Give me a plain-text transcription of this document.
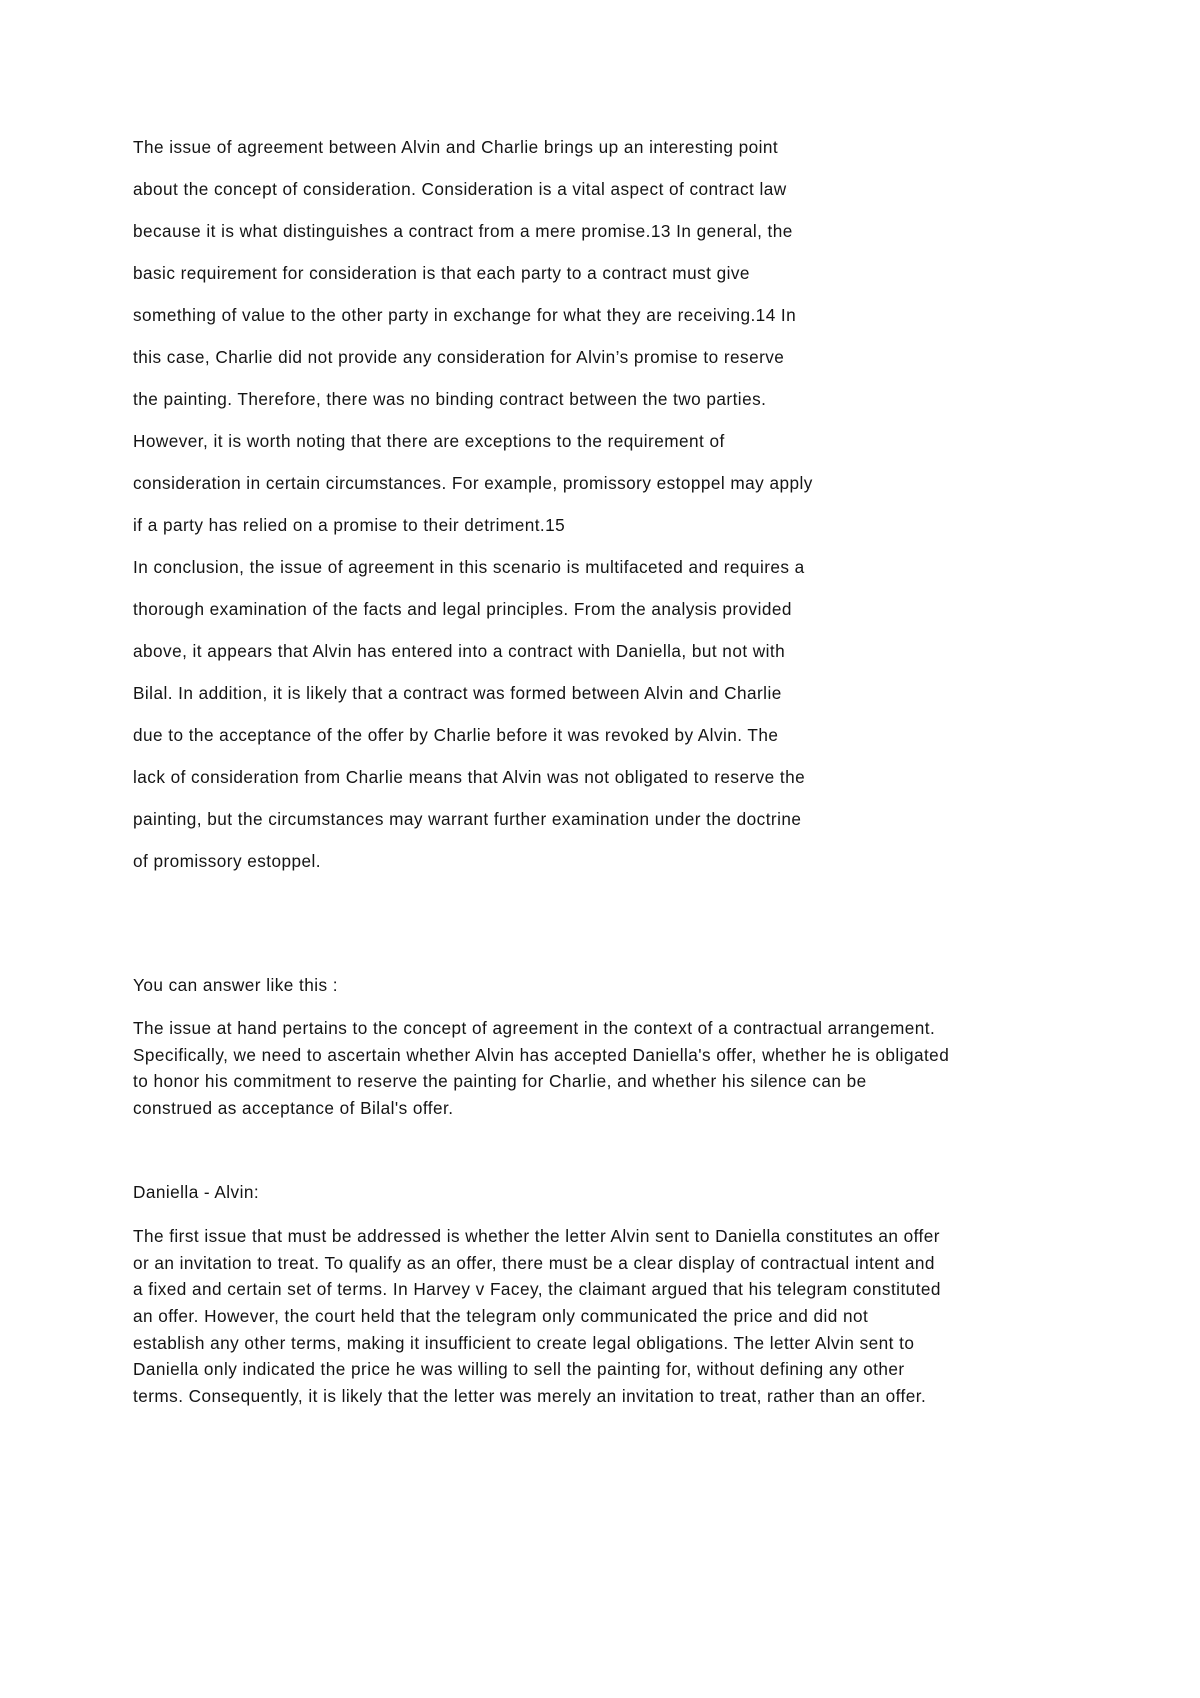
The issue of agreement between Alvin and Charlie brings up an interesting point
about the concept of consideration. Consideration is a vital aspect of contract law
because it is what distinguishes a contract from a mere promise.13 In general, the
basic requirement for consideration is that each party to a contract must give
something of value to the other party in exchange for what they are receiving.14 In
this case, Charlie did not provide any consideration for Alvin’s promise to reserve
the painting. Therefore, there was no binding contract between the two parties.
However, it is worth noting that there are exceptions to the requirement of
consideration in certain circumstances. For example, promissory estoppel may apply
if a party has relied on a promise to their detriment.15
In conclusion, the issue of agreement in this scenario is multifaceted and requires a
thorough examination of the facts and legal principles. From the analysis provided
above, it appears that Alvin has entered into a contract with Daniella, but not with
Bilal. In addition, it is likely that a contract was formed between Alvin and Charlie
due to the acceptance of the offer by Charlie before it was revoked by Alvin. The
lack of consideration from Charlie means that Alvin was not obligated to reserve the
painting, but the circumstances may warrant further examination under the doctrine
of promissory estoppel.
You can answer like this :
The issue at hand pertains to the concept of agreement in the context of a contractual arrangement.
Specifically, we need to ascertain whether Alvin has accepted Daniella's offer, whether he is obligated
to honor his commitment to reserve the painting for Charlie, and whether his silence can be
construed as acceptance of Bilal's offer.
Daniella - Alvin:
The first issue that must be addressed is whether the letter Alvin sent to Daniella constitutes an offer
or an invitation to treat. To qualify as an offer, there must be a clear display of contractual intent and
a fixed and certain set of terms. In Harvey v Facey, the claimant argued that his telegram constituted
an offer. However, the court held that the telegram only communicated the price and did not
establish any other terms, making it insufficient to create legal obligations. The letter Alvin sent to
Daniella only indicated the price he was willing to sell the painting for, without defining any other
terms. Consequently, it is likely that the letter was merely an invitation to treat, rather than an offer.
